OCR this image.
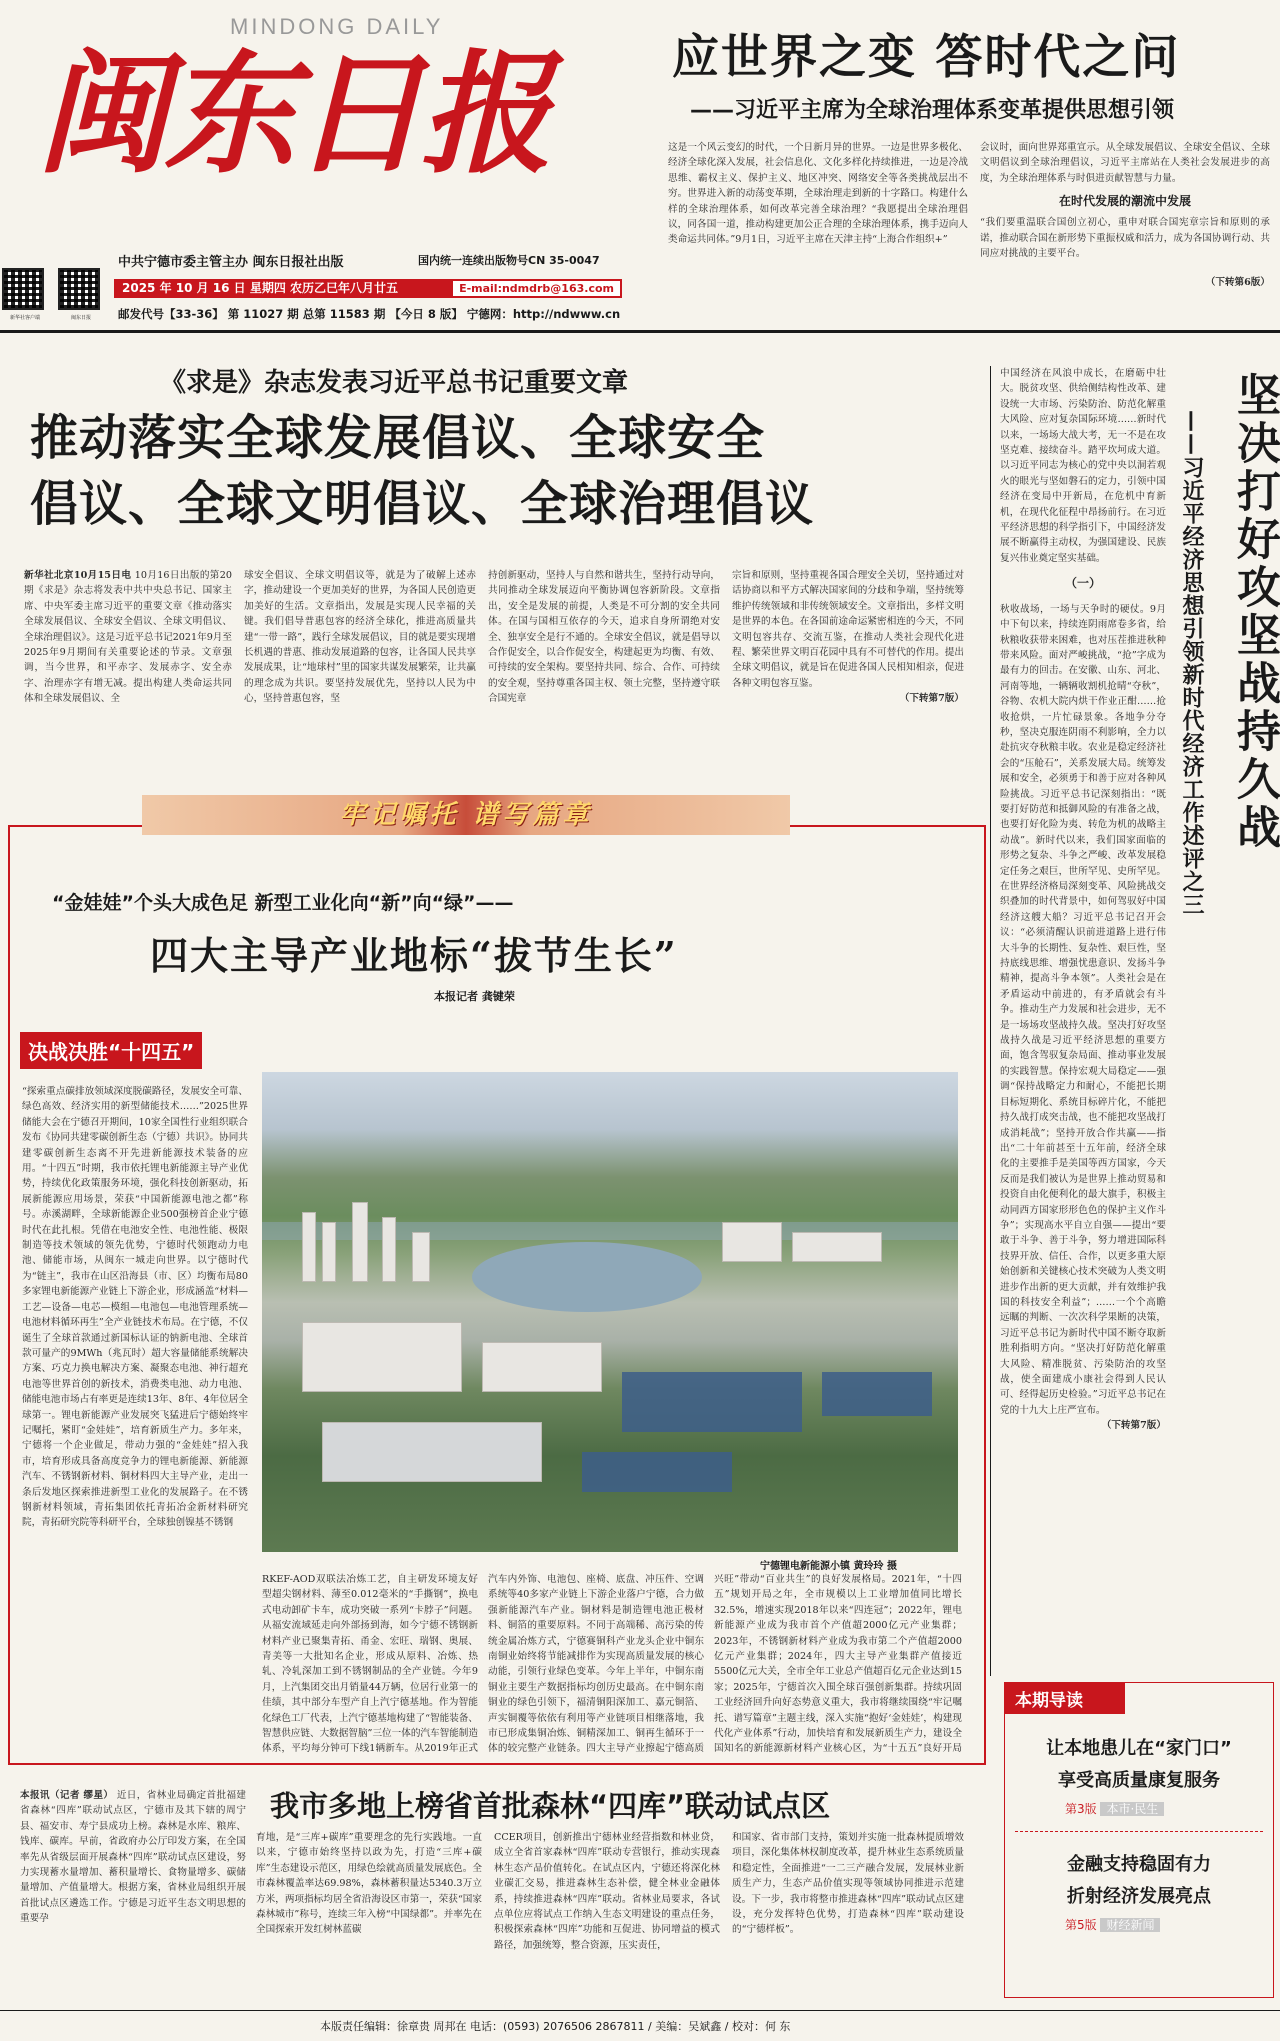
MINDONG DAILY
闽东日报
新华社客户端	闽东日报
中共宁德市委主管主办 闽东日报社出版	国内统一连续出版物号CN 35-0047
2025 年 10 月 16 日 星期四 农历乙巳年八月廿五	E-mail:ndmdrb@163.com
邮发代号【33-36】 第 11027 期 总第 11583 期 【今日 8 版】 宁德网：http://ndwww.cn
应世界之变 答时代之问
——习近平主席为全球治理体系变革提供思想引领
这是一个风云变幻的时代，一个日新月异的世界。一边是世界多极化、经济全球化深入发展，社会信息化、文化多样化持续推进，一边是冷战思维、霸权主义、保护主义、地区冲突、网络安全等各类挑战层出不穷。世界进入新的动荡变革期，全球治理走到新的十字路口。构建什么样的全球治理体系，如何改革完善全球治理？“我愿提出全球治理倡议，同各国一道，推动构建更加公正合理的全球治理体系，携手迈向人类命运共同体。”9月1日，习近平主席在天津主持“上海合作组织+”
会议时，面向世界郑重宣示。从全球发展倡议、全球安全倡议、全球文明倡议到全球治理倡议，习近平主席站在人类社会发展进步的高度，为全球治理体系与时俱进贡献智慧与力量。
在时代发展的潮流中发展
“我们要重温联合国创立初心，重申对联合国宪章宗旨和原则的承诺，推动联合国在新形势下重振权威和活力，成为各国协调行动、共同应对挑战的主要平台。
（下转第6版）
《求是》杂志发表习近平总书记重要文章
推动落实全球发展倡议、全球安全
倡议、全球文明倡议、全球治理倡议
新华社北京10月15日电 10月16日出版的第20期《求是》杂志将发表中共中央总书记、国家主席、中央军委主席习近平的重要文章《推动落实全球发展倡议、全球安全倡议、全球文明倡议、全球治理倡议》。这是习近平总书记2021年9月至2025年9月期间有关重要论述的节录。文章强调，当今世界，和平赤字、发展赤字、安全赤字、治理赤字有增无减。提出构建人类命运共同体和全球发展倡议、全
球安全倡议、全球文明倡议等，就是为了破解上述赤字，推动建设一个更加美好的世界，为各国人民创造更加美好的生活。文章指出，发展是实现人民幸福的关键。我们倡导普惠包容的经济全球化，推进高质量共建“一带一路”，践行全球发展倡议，目的就是要实现增长机遇的普惠、推动发展道路的包容，让各国人民共享发展成果，让“地球村”里的国家共谋发展繁荣，让共赢的理念成为共识。要坚持发展优先，坚持以人民为中心，坚持普惠包容，坚
持创新驱动，坚持人与自然和谐共生，坚持行动导向，共同推动全球发展迈向平衡协调包容新阶段。文章指出，安全是发展的前提，人类是不可分割的安全共同体。在国与国相互依存的今天，追求自身所谓绝对安全、独享安全是行不通的。全球安全倡议，就是倡导以合作促安全，以合作促安全，构建起更为均衡、有效、可持续的安全架构。要坚持共同、综合、合作、可持续的安全观，坚持尊重各国主权、领土完整，坚持遵守联合国宪章
宗旨和原则，坚持重视各国合理安全关切，坚持通过对话协商以和平方式解决国家间的分歧和争端，坚持统筹维护传统领域和非传统领域安全。文章指出，多样文明是世界的本色。在各国前途命运紧密相连的今天，不同文明包容共存、交流互鉴，在推动人类社会现代化进程、繁荣世界文明百花园中具有不可替代的作用。提出全球文明倡议，就是旨在促进各国人民相知相亲，促进各种文明包容互鉴。
（下转第7版）
中国经济在风浪中成长，在磨砺中壮大。脱贫攻坚、供给侧结构性改革、建设统一大市场、污染防治、防范化解重大风险、应对复杂国际环境……新时代以来，一场场大战大考，无一不是在攻坚克难、接续奋斗。踏平坎坷成大道。以习近平同志为核心的党中央以洞若观火的眼光与坚如磐石的定力，引领中国经济在变局中开新局，在危机中育新机，在现代化征程中昂扬前行。在习近平经济思想的科学指引下，中国经济发展不断赢得主动权，为强国建设、民族复兴伟业奠定坚实基础。
（一）
秋收战场，一场与天争时的硬仗。9月中下旬以来，持续连阴雨席卷多省，给秋粮收获带来困难，也对压茬推进秋种带来风险。面对严峻挑战，“抢”字成为最有力的回击。在安徽、山东、河北、河南等地，一辆辆收割机抢晴“夺秋”，谷物、农机大院内烘干作业正酣……抢收抢烘，一片忙碌景象。各地争分夺秒，坚决克服连阴雨不利影响，全力以赴抗灾夺秋粮丰收。农业是稳定经济社会的“压舱石”，关系发展大局。统筹发展和安全，必须勇于和善于应对各种风险挑战。习近平总书记深刻指出：“既要打好防范和抵御风险的有准备之战，也要打好化险为夷、转危为机的战略主动战”。新时代以来，我们国家面临的形势之复杂、斗争之严峻、改革发展稳定任务之艰巨，世所罕见、史所罕见。在世界经济格局深刻变革、风险挑战交织叠加的时代背景中，如何驾驭好中国经济这艘大船？习近平总书记召开会议：“必须清醒认识前进道路上进行伟大斗争的长期性、复杂性、艰巨性，坚持底线思维、增强忧患意识、发扬斗争精神，提高斗争本领”。人类社会是在矛盾运动中前进的，有矛盾就会有斗争。推动生产力发展和社会进步，无不是一场场攻坚战持久战。坚决打好攻坚战持久战是习近平经济思想的重要方面，饱含驾驭复杂局面、推动事业发展的实践智慧。保持宏观大局稳定——强调“保持战略定力和耐心，不能把长期目标短期化、系统目标碎片化，不能把持久战打成突击战，也不能把攻坚战打成消耗战”；坚持开放合作共赢——指出“二十年前甚至十五年前，经济全球化的主要推手是美国等西方国家，今天反而是我们被认为是世界上推动贸易和投资自由化便利化的最大旗手，积极主动同西方国家形形色色的保护主义作斗争”；实现高水平自立自强——提出“要敢于斗争、善于斗争，努力增进国际科技界开放、信任、合作，以更多重大原始创新和关键核心技术突破为人类文明进步作出新的更大贡献，并有效维护我国的科技安全利益”；……一个个高瞻远瞩的判断、一次次科学果断的决策，习近平总书记为新时代中国不断夺取新胜利指明方向。“坚决打好防范化解重大风险、精准脱贫、污染防治的攻坚战，使全面建成小康社会得到人民认可、经得起历史检验。”习近平总书记在党的十九大上庄严宣布。
（下转第7版）
坚决打好攻坚战持久战
——习近平经济思想引领新时代经济工作述评之三
牢记嘱托 谱写篇章
“金娃娃”个头大成色足 新型工业化向“新”向“绿”——
四大主导产业地标“拔节生长”
本报记者 龚键荣
决战决胜“十四五”
“探索重点碳排放领域深度脱碳路径，发展安全可靠、绿色高效、经济实用的新型储能技术……”2025世界储能大会在宁德召开期间，10家全国性行业组织联合发布《协同共建零碳创新生态（宁德）共识》。协同共建零碳创新生态离不开先进新能源技术装备的应用。“十四五”时期，我市依托锂电新能源主导产业优势，持续优化政策服务环境，强化科技创新驱动，拓展新能源应用场景，荣获“中国新能源电池之都”称号。赤溪湖畔，全球新能源企业500强榜首企业宁德时代在此扎根。凭借在电池安全性、电池性能、极限制造等技术领域的领先优势，宁德时代领跑动力电池、储能市场，从闽东一城走向世界。以宁德时代为“链主”，我市在山区沿海县（市、区）均衡布局80多家锂电新能源产业链上下游企业，形成涵盖“材料—工艺—设备—电芯—模组—电池包—电池管理系统—电池材料循环再生”全产业链技术布局。在宁德，不仅诞生了全球首款通过新国标认证的钠新电池、全球首款可量产的9MWh（兆瓦时）超大容量储能系统解决方案、巧克力换电解决方案、凝聚态电池、神行超充电池等世界首创的新技术，消费类电池、动力电池、储能电池市场占有率更是连续13年、8年、4年位居全球第一。锂电新能源产业发展突飞猛进后宁德始终牢记嘱托，紧盯“金娃娃”，培育新质生产力。多年来，宁德将一个企业做足，带动力强的“金娃娃”招入我市，培育形成具备高度竞争力的锂电新能源、新能源汽车、不锈钢新材料、铜材料四大主导产业，走出一条后发地区探索推进新型工业化的发展路子。在不锈钢新材料领域，青拓集团依托青拓冶金新材料研究院，青拓研究院等科研平台，全球独创镍基不锈钢
宁德锂电新能源小镇 黄玲玲 摄
RKEF-AOD双联法冶炼工艺，自主研发环境友好型超尖钢材料、薄至0.012毫米的“手撕钢”，换电式电动卸矿卡车，成功突破一系列“卡脖子”问题。从福安流域延走向外部扬到海，如今宁德不锈钢新材料产业已聚集青拓、甬金、宏旺、瑞钢、奥展、青美等一大批知名企业，形成从原料、冶炼、热轧、冷轧深加工到不锈钢制品的全产业链。今年9月，上汽集团交出月销量44万辆，位居行业第一的佳绩，其中部分车型产自上汽宁德基地。作为智能化绿色工厂代表，上汽宁德基地构建了“智能装备、智慧供应链、大数据智脑”三位一体的汽车智能制造体系，平均每分钟可下线1辆新车。从2019年正式
汽车内外饰、电池包、座椅、底盘、冲压件、空调系统等40多家产业链上下游企业落户宁德，合力做强新能源汽车产业。铜材料是制造锂电池正极材料、铜箔的重要原料。不同于高端稀、高污染的传统金属冶炼方式，宁德赛铜科产业龙头企业中铜东南铜业始终将节能减排作为实现高质量发展的核心动能，引领行业绿色变革。今年上半年，中铜东南铜业主要生产数据指标均创历史最高。在中铜东南铜业的绿色引领下，福清铜阳深加工、嘉元铜箔、声实铜覆等依依有利用等产业链项目相继落地，我市已形成集铜冶炼、铜精深加工、铜再生循环于一体的较完整产业链条。四大主导产业擦起宁德高质
兴旺”带动“百业共生”的良好发展格局。2021年，“十四五”规划开局之年，全市规模以上工业增加值同比增长32.5%，增速实现2018年以来“四连冠”；2022年，锂电新能源产业成为我市首个产值超2000亿元产业集群；2023年，不锈钢新材料产业成为我市第二个产值超2000亿元产业集群；2024年，四大主导产业集群产值接近5500亿元大关，全市全年工业总产值超百亿元企业达到15家；2025年，宁德首次入围全球百强创新集群。持续巩固工业经济回升向好态势意义重大，我市将继续围绕“牢记嘱托、谱写篇章”主题主线，深入实施“抱好‘金娃娃’，构建现代化产业体系”行动，加快培育和发展新质生产力，建设全国知名的新能源新材料产业核心区，为“十五五”良好开局
我市多地上榜省首批森林“四库”联动试点区
本报讯（记者 缪星） 近日，省林业局确定首批福建省森林“四库”联动试点区，宁德市及其下辖的周宁县、福安市、寿宁县成功上榜。森林是水库、粮库、钱库、碳库。早前，省政府办公厅印发方案，在全国率先从省级层面开展森林“四库”联动试点区建设，努力实现蓄水量增加、蓄积量增长、食物量增多、碳储量增加、产值量增大。根据方案，省林业局组织开展首批试点区遴选工作。宁德是习近平生态文明思想的重要孕
育地，是“三库+碳库”重要理念的先行实践地。一直以来，宁德市始终坚持以政为先，打造“三库+碳库”生态建设示范区，用绿色绘就高质量发展底色。全市森林覆盖率达69.98%，森林蓄积量达5340.3万立方米，两项指标均居全省沿海设区市第一，荣获“国家森林城市”称号，连续三年入榜“中国绿都”。并率先在全国探索开发红树林蓝碳
CCER项目，创新推出宁德林业经营指数和林业贷，成立全省首家森林“四库”联动专营银行，推动实现森林生态产品价值转化。在试点区内，宁德还将深化林业碳汇交易，推进森林生态补偿，健全林业金融体系，持续推进森林“四库”联动。省林业局要求，各试点单位应将试点工作纳入生态文明建设的重点任务，积极探索森林“四库”功能和互促进、协同增益的模式路径，加强统筹，整合资源，压实责任，
和国家、省市部门支持，策划并实施一批森林提质增效项目，深化集体林权制度改革，提升林业生态系统质量和稳定性，全面推进“一二三产融合发展，发展林业新质生产力，生态产品价值实现等领域协同推进示范建设。下一步，我市将整市推进森林“四库”联动试点区建设，充分发挥特色优势，打造森林“四库”联动建设的“宁德样板”。
本期导读
让本地患儿在“家门口”
享受高质量康复服务
第3版 本市·民生
金融支持稳固有力
折射经济发展亮点
第5版 财经新闻
本版责任编辑：徐章贵 周邦在 电话：(0593) 2076506 2867811 / 美编：吴斌鑫 / 校对：何 东
